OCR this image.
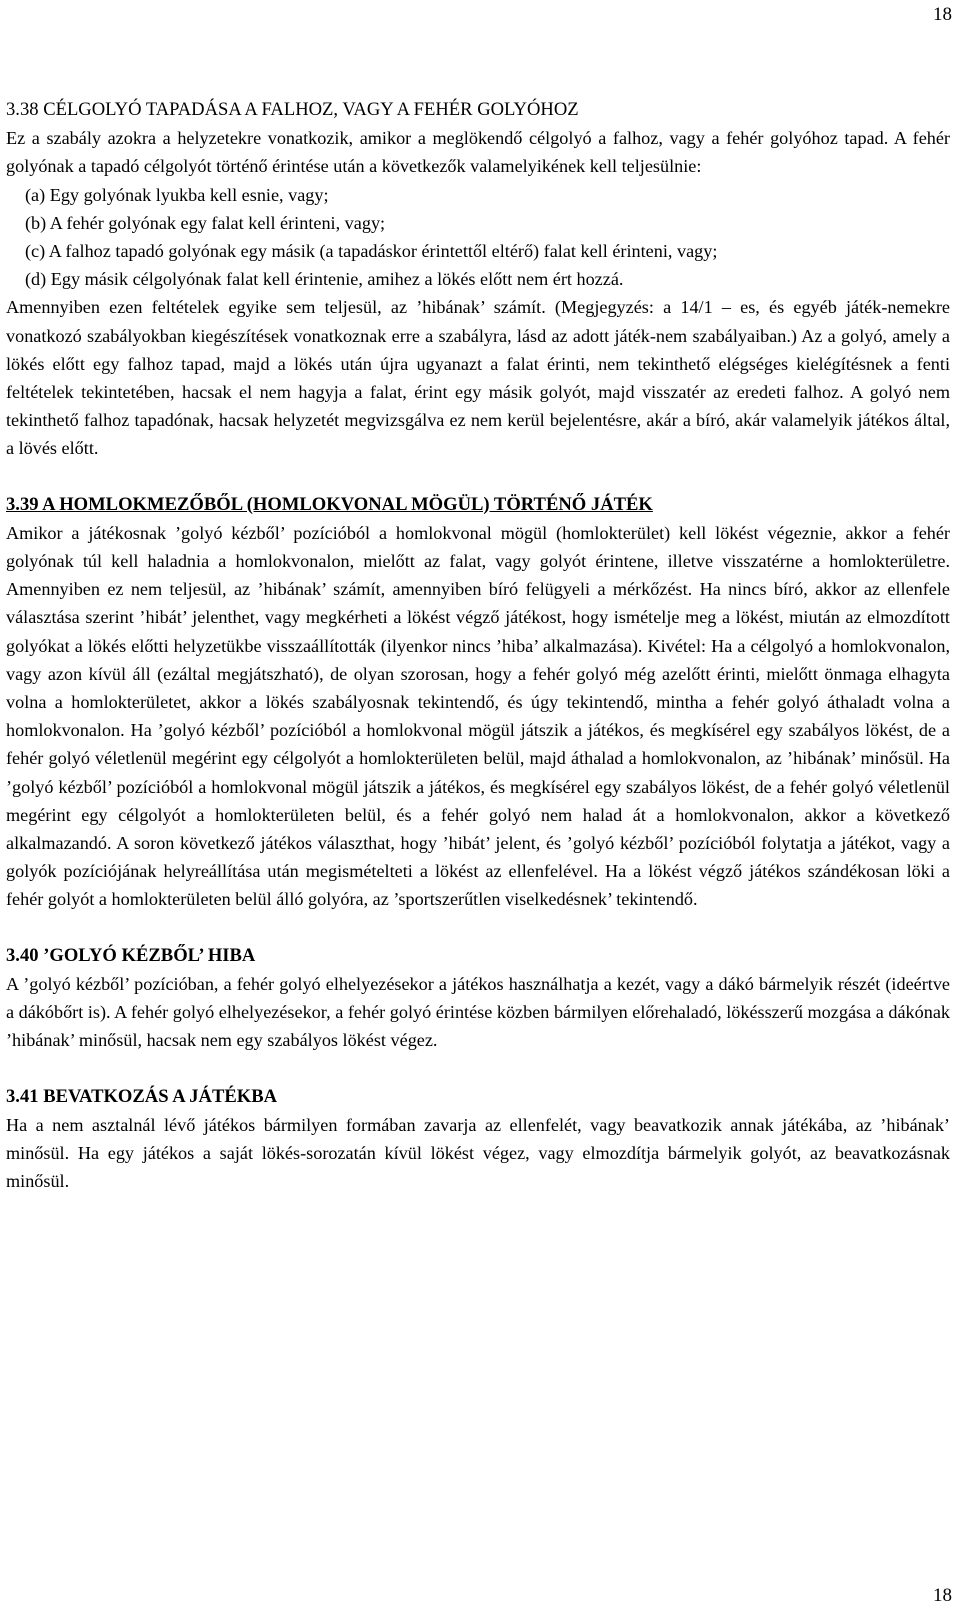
18

3.38 CÉLGOLYÓ TAPADÁSA A FALHOZ, VAGY A FEHÉR GOLYÓHOZ

Ez a szabály azokra a helyzetekre vonatkozik, amikor a meglökendő célgolyó a falhoz, vagy a fehér golyóhoz tapad. A fehér golyónak a tapadó célgolyót történő érintése után a következők valamelyikének kell teljesülnie:

(a) Egy golyónak lyukba kell esnie, vagy;

(b) A fehér golyónak egy falat kell érinteni, vagy;

(c) A falhoz tapadó golyónak egy másik (a tapadáskor érintettől eltérő) falat kell érinteni, vagy;

(d) Egy másik célgolyónak falat kell érintenie, amihez a lökés előtt nem ért hozzá.

Amennyiben ezen feltételek egyike sem teljesül, az ’hibának’ számít. (Megjegyzés: a 14/1 – es, és egyéb játék-nemekre vonatkozó szabályokban kiegészítések vonatkoznak erre a szabályra, lásd az adott játék-nem szabályaiban.) Az a golyó, amely a lökés előtt egy falhoz tapad, majd a lökés után újra ugyanazt a falat érinti, nem tekinthető elégséges kielégítésnek a fenti feltételek tekintetében, hacsak el nem hagyja a falat, érint egy másik golyót, majd visszatér az eredeti falhoz. A golyó nem tekinthető falhoz tapadónak, hacsak helyzetét megvizsgálva ez nem kerül bejelentésre, akár a bíró, akár valamelyik játékos által, a lövés előtt.

3.39 A HOMLOKMEZŐBŐL (HOMLOKVONAL MÖGÜL) TÖRTÉNŐ JÁTÉK

Amikor a játékosnak ’golyó kézből’ pozícióból a homlokvonal mögül (homlokterület) kell lökést végeznie, akkor a fehér golyónak túl kell haladnia a homlokvonalon, mielőtt az falat, vagy golyót érintene, illetve visszatérne a homlokterületre. Amennyiben ez nem teljesül, az ’hibának’ számít, amennyiben bíró felügyeli a mérkőzést. Ha nincs bíró, akkor az ellenfele választása szerint ’hibát’ jelenthet, vagy megkérheti a lökést végző játékost, hogy ismételje meg a lökést, miután az elmozdított golyókat a lökés előtti helyzetükbe visszaállították (ilyenkor nincs ’hiba’ alkalmazása). Kivétel: Ha a célgolyó a homlokvonalon, vagy azon kívül áll (ezáltal megjátszható), de olyan szorosan, hogy a fehér golyó még azelőtt érinti, mielőtt önmaga elhagyta volna a homlokterületet, akkor a lökés szabályosnak tekintendő, és úgy tekintendő, mintha a fehér golyó áthaladt volna a homlokvonalon. Ha ’golyó kézből’ pozícióból a homlokvonal mögül játszik a játékos, és megkísérel egy szabályos lökést, de a fehér golyó véletlenül megérint egy célgolyót a homlokterületen belül, majd áthalad a homlokvonalon, az ’hibának’ minősül. Ha ’golyó kézből’ pozícióból a homlokvonal mögül játszik a játékos, és megkísérel egy szabályos lökést, de a fehér golyó véletlenül megérint egy célgolyót a homlokterületen belül, és a fehér golyó nem halad át a homlokvonalon, akkor a következő alkalmazandó. A soron következő játékos választhat, hogy ’hibát’ jelent, és ’golyó kézből’ pozícióból folytatja a játékot, vagy a golyók pozíciójának helyreállítása után megismételteti a lökést az ellenfelével. Ha a lökést végző játékos szándékosan löki a fehér golyót a homlokterületen belül álló golyóra, az ’sportszerűtlen viselkedésnek’ tekintendő.

3.40 ’GOLYÓ KÉZBŐL’ HIBA

A ’golyó kézből’ pozícióban, a fehér golyó elhelyezésekor a játékos használhatja a kezét, vagy a dákó bármelyik részét (ideértve a dákóbőrt is). A fehér golyó elhelyezésekor, a fehér golyó érintése közben bármilyen előrehaladó, lökésszerű mozgása a dákónak ’hibának’ minősül, hacsak nem egy szabályos lökést végez.

3.41 BEVATKOZÁS A JÁTÉKBA

Ha a nem asztalnál lévő játékos bármilyen formában zavarja az ellenfelét, vagy beavatkozik annak játékába, az ’hibának’ minősül. Ha egy játékos a saját lökés-sorozatán kívül lökést végez, vagy elmozdítja bármelyik golyót, az beavatkozásnak minősül.

18
